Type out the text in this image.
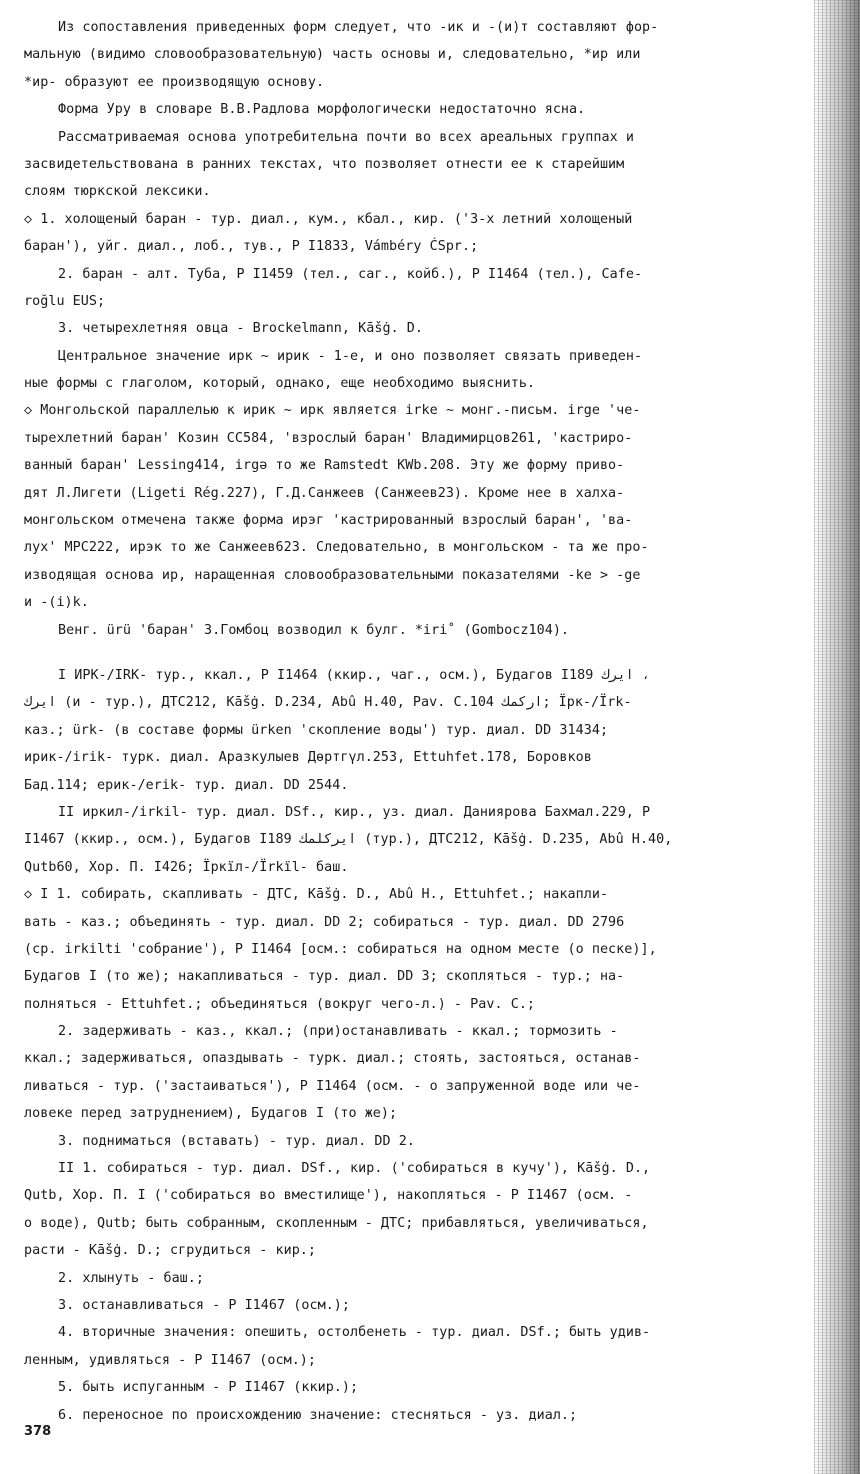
Из сопоставления приведенных форм следует, что -ик и -(и)т составляют фор-
мальную (видимо словообразовательную) часть основы и, следовательно, *ир или
*ир- образуют ее производящую основу.
Форма Уру в словаре В.В.Радлова морфологически недостаточно ясна.
Рассматриваемая основа употребительна почти во всех ареальных группах и
засвидетельствована в ранних текстах, что позволяет отнести ее к старейшим
слоям тюркской лексики.
◇ 1. холощеный баран - тур. диал., кум., кбал., кир. ('3-х летний холощеный
баран'), уйг. диал., лоб., тув., Р I1833, Vámbéry ĆSpr.;
2. баран - алт. Туба, Р I1459 (тел., саг., койб.), Р I1464 (тел.), Cafe-
roğlu EUS;
3. четырехлетняя овца - Brockelmann, Kāšġ. D.
Центральное значение ирк ~ ирик - 1-е, и оно позволяет связать приведен-
ные формы с глаголом, который, однако, еще необходимо выяснить.
◇ Монгольской параллелью к ирик ~ ирк является irke ~ монг.-письм. irge 'че-
тырехлетний баран' Козин СС584, 'взрослый баран' Владимирцов261, 'кастриро-
ванный баран' Lessing414, irgə то же Ramstedt KWb.208. Эту же форму приво-
дят Л.Лигети (Ligeti Rég.227), Г.Д.Санжеев (Санжеев23). Кроме нее в халха-
монгольском отмечена также форма ирэг 'кастрированный взрослый баран', 'ва-
лух' МРС222, ирэк то же Санжеев623. Следовательно, в монгольском - та же про-
изводящая основа ир, наращенная словообразовательными показателями -ke > -ge
и -(i)k.
Венг. ürü 'баран' З.Гомбоц возводил к булг. *iri˚ (Gombocz104).
I ИРК-/IRK- тур., ккал., Р I1464 (ккир., чаг., осм.), Будагов I189 ایرك ،
ايرك (и - тур.), ДТС212, Kāšġ. D.234, Abû H.40, Pav. C.104 اركمك; Ïрк-/Ïrk-
каз.; ürk- (в составе формы ürken 'скопление воды') тур. диал. DD 31434;
ирик-/irik- турк. диал. Аразкулыев Дөртгүл.253, Ettuhfet.178, Боровков
Бад.114; ерик-/erik- тур. диал. DD 2544.
II иркил-/irkil- тур. диал. DSf., кир., уз. диал. Даниярова Бахмал.229, Р
I1467 (ккир., осм.), Будагов I189 ايرکلمك (тур.), ДТС212, Kāšġ. D.235, Abû H.40,
Qutb60, Хор. П. I426; Ïркїл-/Ïrkïl- баш.
◇ I 1. собирать, скапливать - ДТС, Kāšġ. D., Abû H., Ettuhfet.; накапли-
вать - каз.; объединять - тур. диал. DD 2; собираться - тур. диал. DD 2796
(ср. irkilti 'собрание'), Р I1464 [осм.: собираться на одном месте (о песке)],
Будагов I (то же); накапливаться - тур. диал. DD 3; скопляться - тур.; на-
полняться - Ettuhfet.; объединяться (вокруг чего-л.) - Pav. C.;
2. задерживать - каз., ккал.; (при)останавливать - ккал.; тормозить -
ккал.; задерживаться, опаздывать - турк. диал.; стоять, застояться, останав-
ливаться - тур. ('застаиваться'), Р I1464 (осм. - о запруженной воде или че-
ловеке перед затруднением), Будагов I (то же);
3. подниматься (вставать) - тур. диал. DD 2.
II 1. собираться - тур. диал. DSf., кир. ('собираться в кучу'), Kāšġ. D.,
Qutb, Хор. П. I ('собираться во вместилище'), накопляться - Р I1467 (осм. -
о воде), Qutb; быть собранным, скопленным - ДТС; прибавляться, увеличиваться,
расти - Kāšġ. D.; сгрудиться - кир.;
2. хлынуть - баш.;
3. останавливаться - Р I1467 (осм.);
4. вторичные значения: опешить, остолбенеть - тур. диал. DSf.; быть удив-
ленным, удивляться - Р I1467 (осм.);
5. быть испуганным - Р I1467 (ккир.);
6. переносное по происхождению значение: стесняться - уз. диал.;
378
